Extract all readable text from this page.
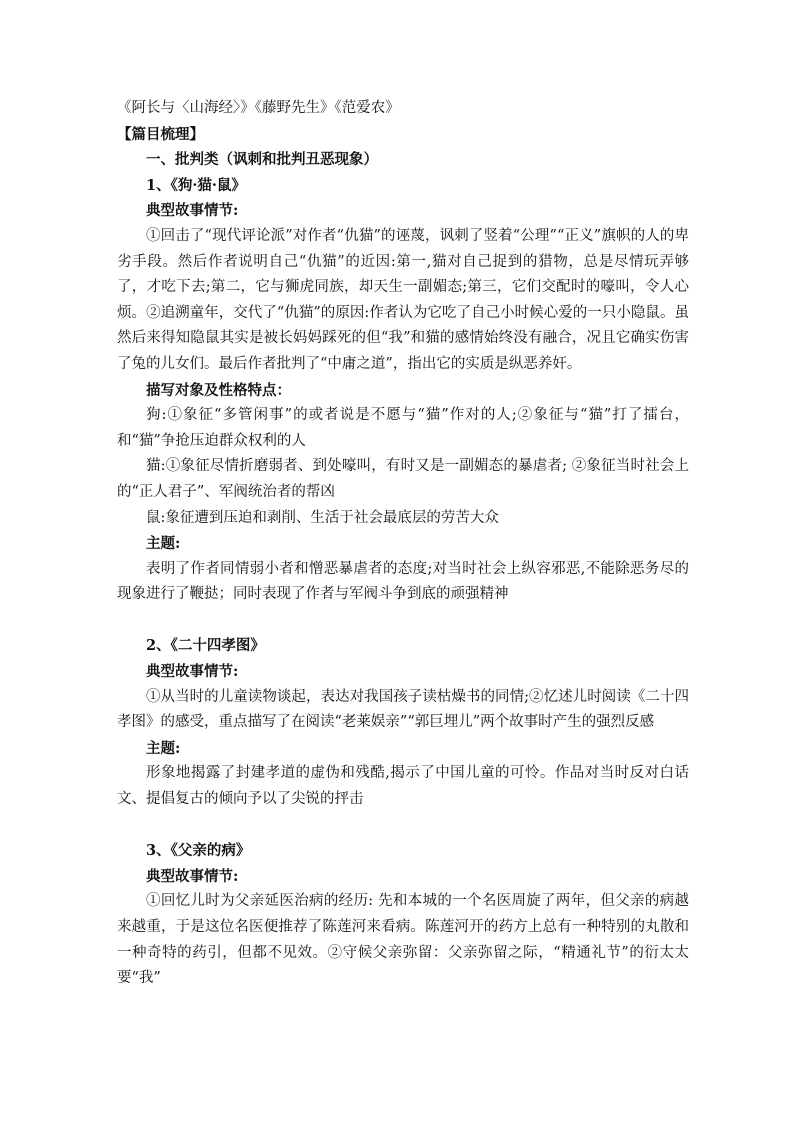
《阿长与〈山海经〉》《藤野先生》《范爱农》
【篇目梳理】
一、批判类（讽刺和批判丑恶现象）
1、《狗·猫·鼠》
典型故事情节:
①回击了“现代评论派”对作者“仇猫”的诬蔑，讽刺了竖着“公理”“正义”旗帜的人的卑劣手段。然后作者说明自己“仇猫”的近因:第一,猫对自己捉到的猎物，总是尽情玩弄够了，才吃下去;第二，它与狮虎同族，却天生一副媚态;第三，它们交配时的嚎叫，令人心烦。②追溯童年，交代了“仇猫”的原因:作者认为它吃了自己小时候心爱的一只小隐鼠。虽然后来得知隐鼠其实是被长妈妈踩死的但“我”和猫的感情始终没有融合，况且它确实伤害了兔的儿女们。最后作者批判了“中庸之道”，指出它的实质是纵恶养奸。
描写对象及性格特点：
狗:①象征“多管闲事”的或者说是不愿与“猫”作对的人;②象征与“猫”打了擂台，和“猫”争抢压迫群众权利的人
猫:①象征尽情折磨弱者、到处嚎叫，有时又是一副媚态的暴虐者; ②象征当时社会上的“正人君子”、军阀统治者的帮凶
鼠:象征遭到压迫和剥削、生活于社会最底层的劳苦大众
主题:
表明了作者同情弱小者和憎恶暴虐者的态度;对当时社会上纵容邪恶,不能除恶务尽的现象进行了鞭挞；同时表现了作者与军阀斗争到底的顽强精神
2、《二十四孝图》
典型故事情节:
①从当时的儿童读物谈起，表达对我国孩子读枯燥书的同情;②忆述儿时阅读《二十四孝图》的感受，重点描写了在阅读“老莱娱亲”“郭巨埋儿”两个故事时产生的强烈反感
主题:
形象地揭露了封建孝道的虚伪和残酷,揭示了中国儿童的可怜。作品对当时反对白话文、提倡复古的倾向予以了尖锐的抨击
3、《父亲的病》
典型故事情节:
①回忆儿时为父亲延医治病的经历: 先和本城的一个名医周旋了两年，但父亲的病越来越重，于是这位名医便推荐了陈莲河来看病。陈莲河开的药方上总有一种特别的丸散和一种奇特的药引，但都不见效。②守候父亲弥留：父亲弥留之际，“精通礼节”的衍太太要“我”
